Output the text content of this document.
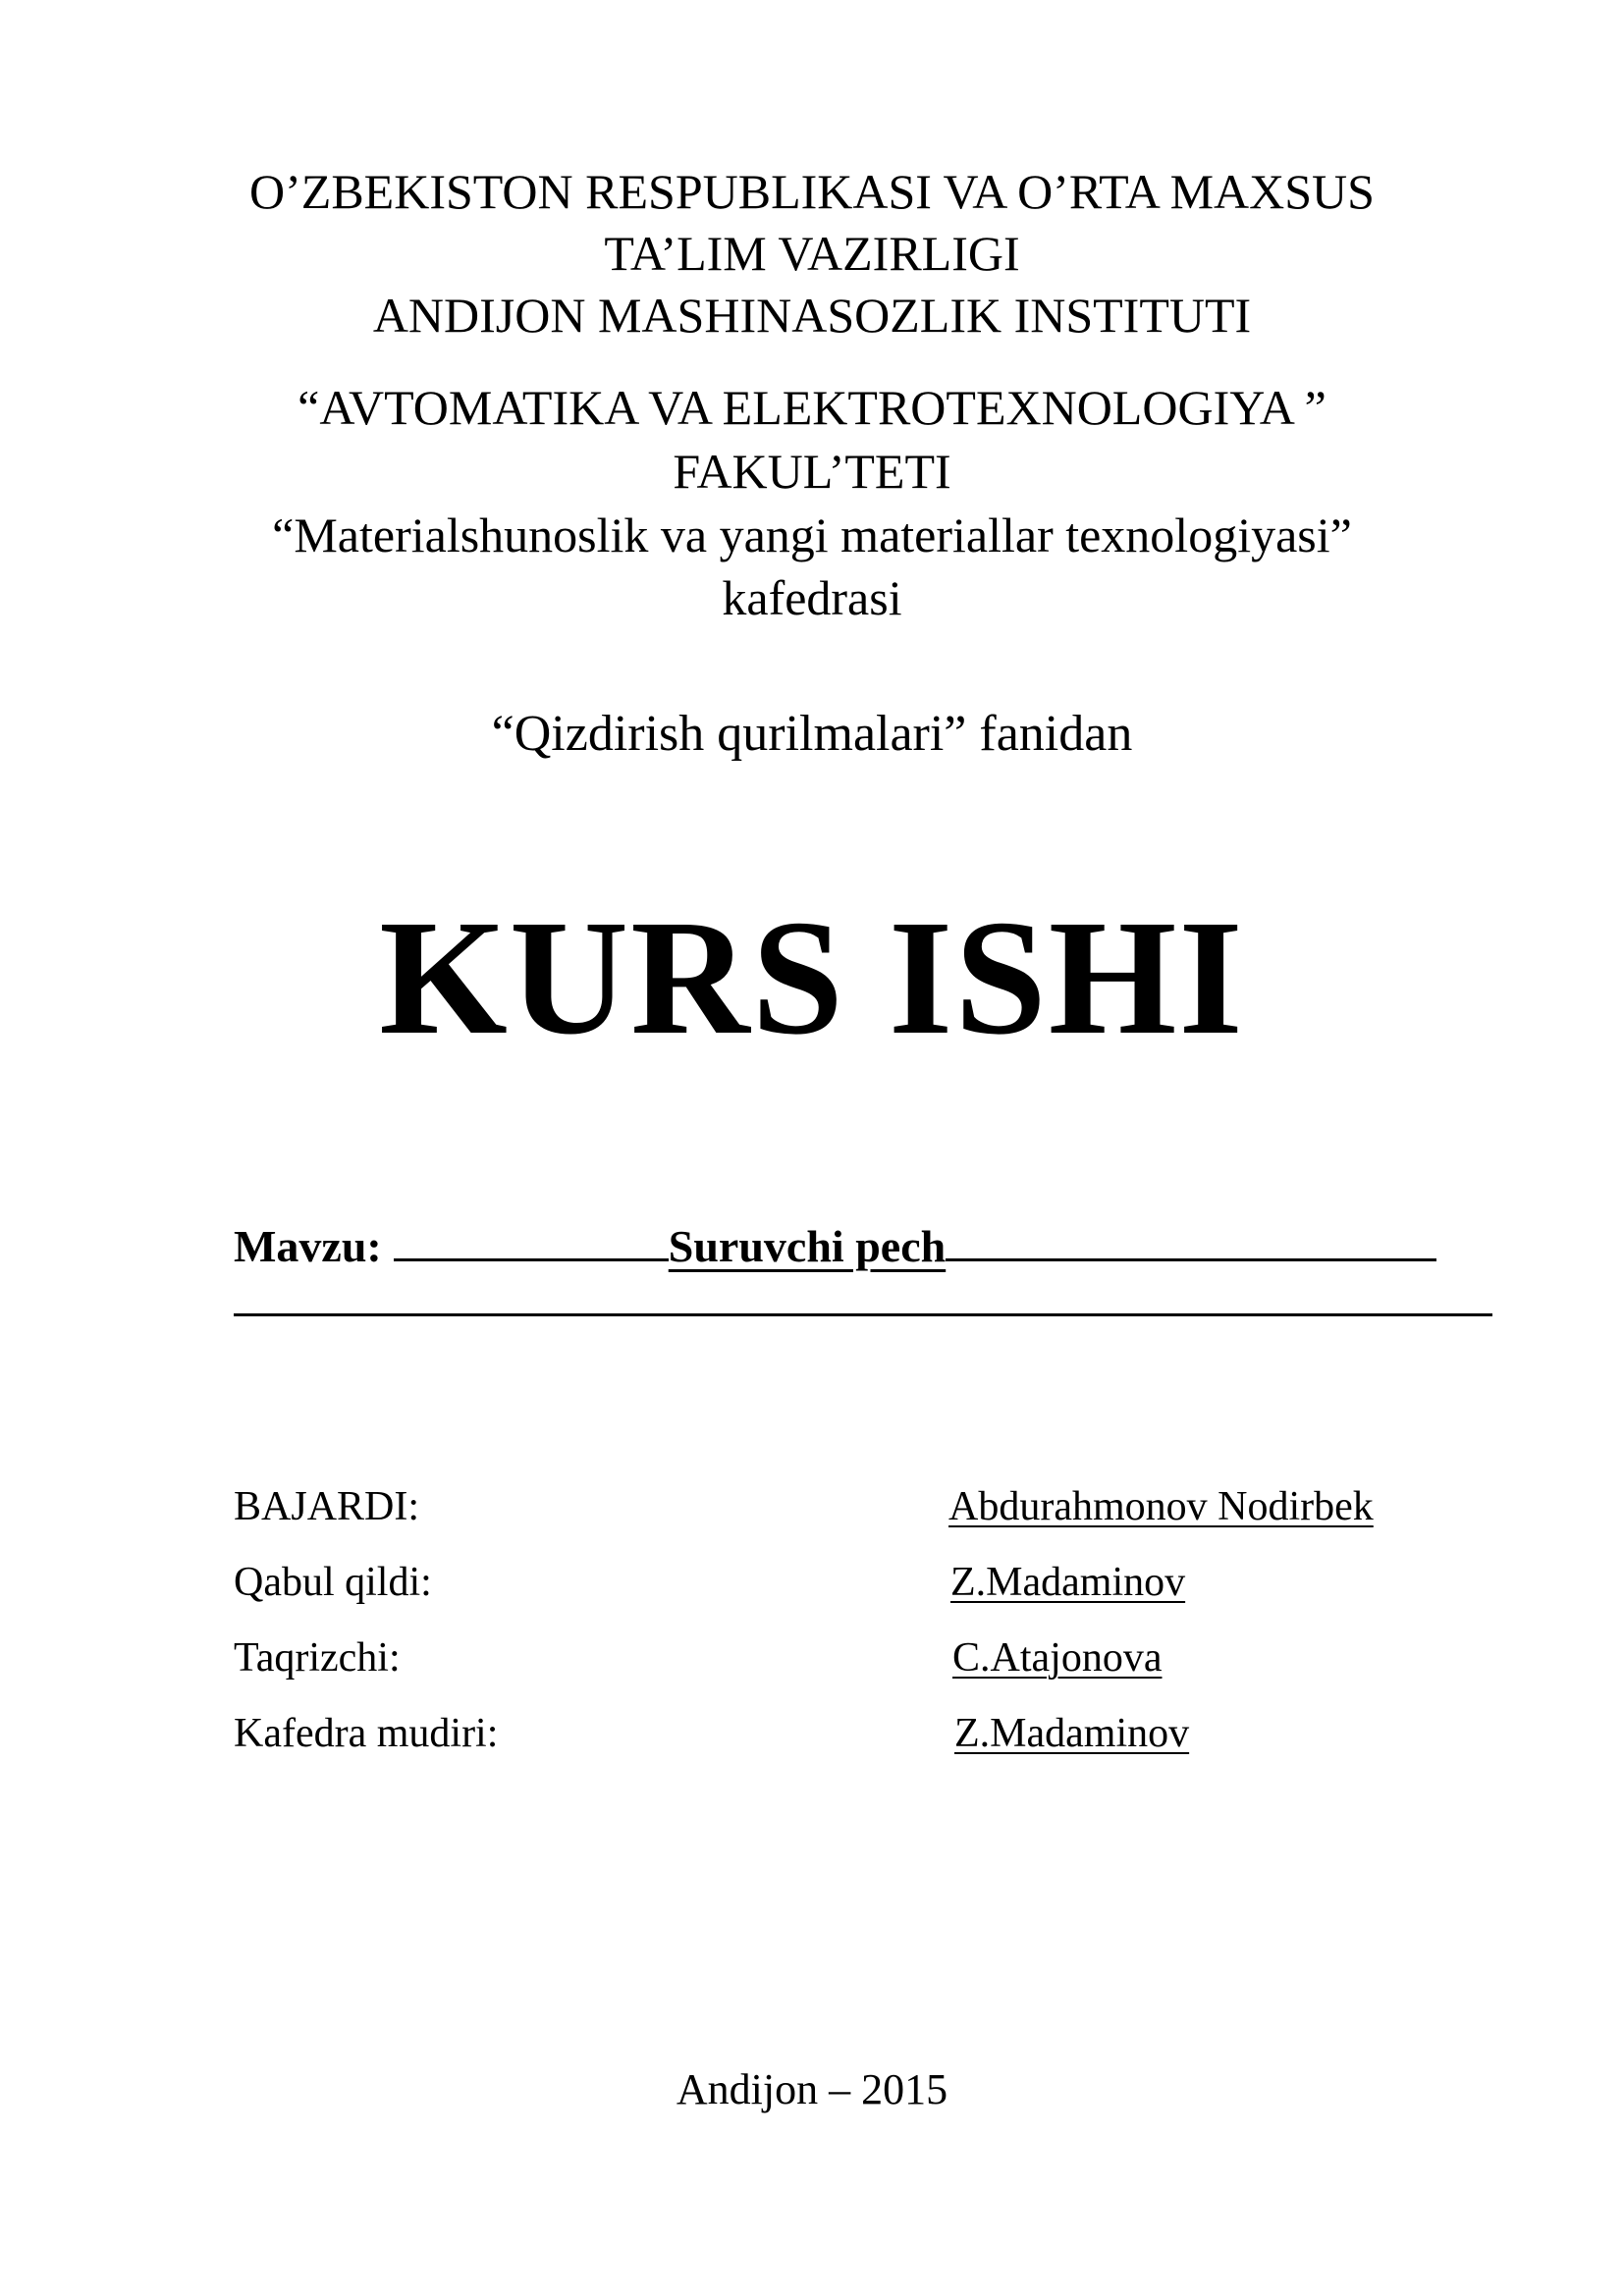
O’ZBEKISTON RESPUBLIKASI VA O’RTA MAXSUS
TA’LIM VAZIRLIGI
ANDIJON MASHINASOZLIK INSTITUTI
“AVTOMATIKA VA ELEKTROTEXNOLOGIYA ”
FAKUL’TETI
“Materialshunoslik va yangi materiallar texnologiyasi”
kafedrasi
“Qizdirish qurilmalari” fanidan
KURS ISHI
Mavzu:	Suruvchi pech
BAJARDI:	Abdurahmonov Nodirbek
Qabul qildi:	Z.Madaminov
Taqrizchi:	C.Atajonova
Kafedra mudiri:	Z.Madaminov
Andijon – 2015
